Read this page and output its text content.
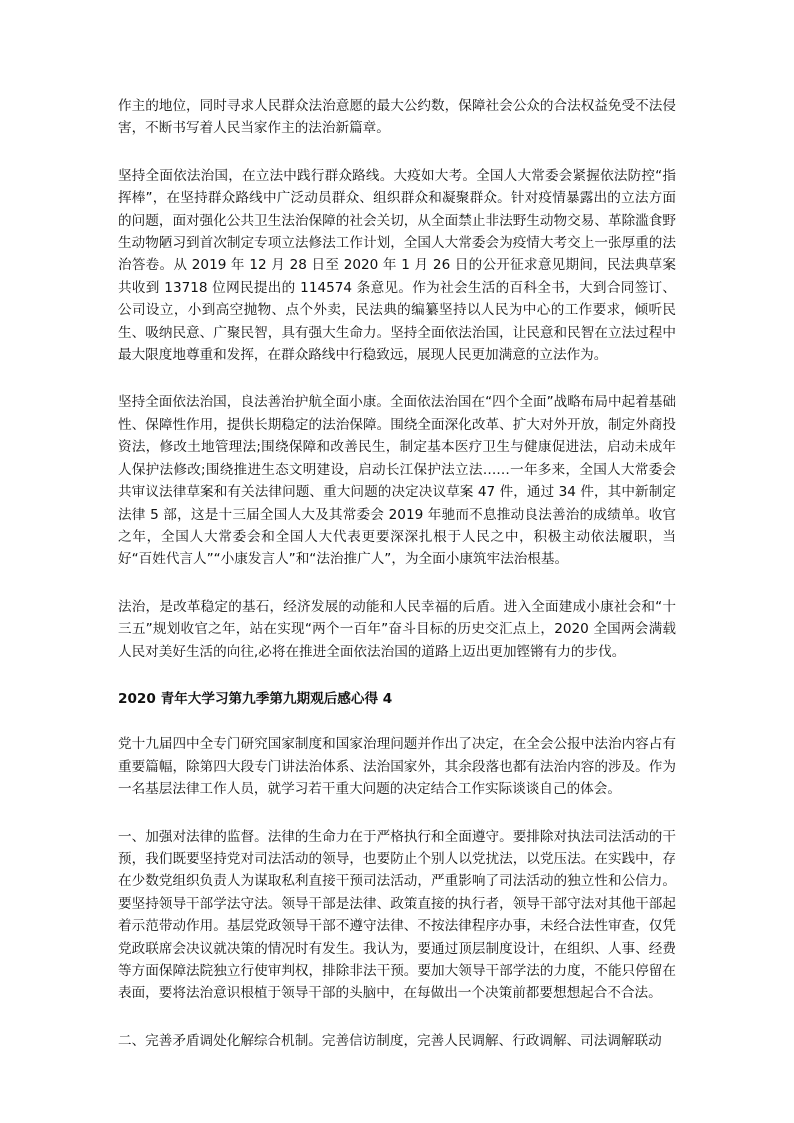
作主的地位，同时寻求人民群众法治意愿的最大公约数，保障社会公众的合法权益免受不法侵害，不断书写着人民当家作主的法治新篇章。

坚持全面依法治国，在立法中践行群众路线。大疫如大考。全国人大常委会紧握依法防控“指挥棒”，在坚持群众路线中广泛动员群众、组织群众和凝聚群众。针对疫情暴露出的立法方面的问题，面对强化公共卫生法治保障的社会关切，从全面禁止非法野生动物交易、革除滥食野生动物陋习到首次制定专项立法修法工作计划，全国人大常委会为疫情大考交上一张厚重的法治答卷。从 2019 年 12 月 28 日至 2020 年 1 月 26 日的公开征求意见期间，民法典草案共收到 13718 位网民提出的 114574 条意见。作为社会生活的百科全书，大到合同签订、公司设立，小到高空抛物、点个外卖，民法典的编纂坚持以人民为中心的工作要求，倾听民生、吸纳民意、广聚民智，具有强大生命力。坚持全面依法治国，让民意和民智在立法过程中最大限度地尊重和发挥，在群众路线中行稳致远，展现人民更加满意的立法作为。

坚持全面依法治国，良法善治护航全面小康。全面依法治国在“四个全面”战略布局中起着基础性、保障性作用，提供长期稳定的法治保障。围绕全面深化改革、扩大对外开放，制定外商投资法，修改土地管理法;围绕保障和改善民生，制定基本医疗卫生与健康促进法，启动未成年人保护法修改;围绕推进生态文明建设，启动长江保护法立法……一年多来，全国人大常委会共审议法律草案和有关法律问题、重大问题的决定决议草案 47 件，通过 34 件，其中新制定法律 5 部，这是十三届全国人大及其常委会 2019 年驰而不息推动良法善治的成绩单。收官之年，全国人大常委会和全国人大代表更要深深扎根于人民之中，积极主动依法履职，当好“百姓代言人”“小康发言人”和“法治推广人”，为全面小康筑牢法治根基。

法治，是改革稳定的基石，经济发展的动能和人民幸福的后盾。进入全面建成小康社会和“十三五”规划收官之年，站在实现“两个一百年”奋斗目标的历史交汇点上，2020 全国两会满载人民对美好生活的向往,必将在推进全面依法治国的道路上迈出更加铿锵有力的步伐。

2020 青年大学习第九季第九期观后感心得 4

党十九届四中全专门研究国家制度和国家治理问题并作出了决定，在全会公报中法治内容占有重要篇幅，除第四大段专门讲法治体系、法治国家外，其余段落也都有法治内容的涉及。作为一名基层法律工作人员，就学习若干重大问题的决定结合工作实际谈谈自己的体会。

一、加强对法律的监督。法律的生命力在于严格执行和全面遵守。要排除对执法司法活动的干预，我们既要坚持党对司法活动的领导，也要防止个别人以党扰法，以党压法。在实践中，存在少数党组织负责人为谋取私利直接干预司法活动，严重影响了司法活动的独立性和公信力。要坚持领导干部学法守法。领导干部是法律、政策直接的执行者，领导干部守法对其他干部起着示范带动作用。基层党政领导干部不遵守法律、不按法律程序办事，未经合法性审查，仅凭党政联席会决议就决策的情况时有发生。我认为，要通过顶层制度设计，在组织、人事、经费等方面保障法院独立行使审判权，排除非法干预。要加大领导干部学法的力度，不能只停留在表面，要将法治意识根植于领导干部的头脑中，在每做出一个决策前都要想想起合不合法。

二、完善矛盾调处化解综合机制。完善信访制度，完善人民调解、行政调解、司法调解联动
